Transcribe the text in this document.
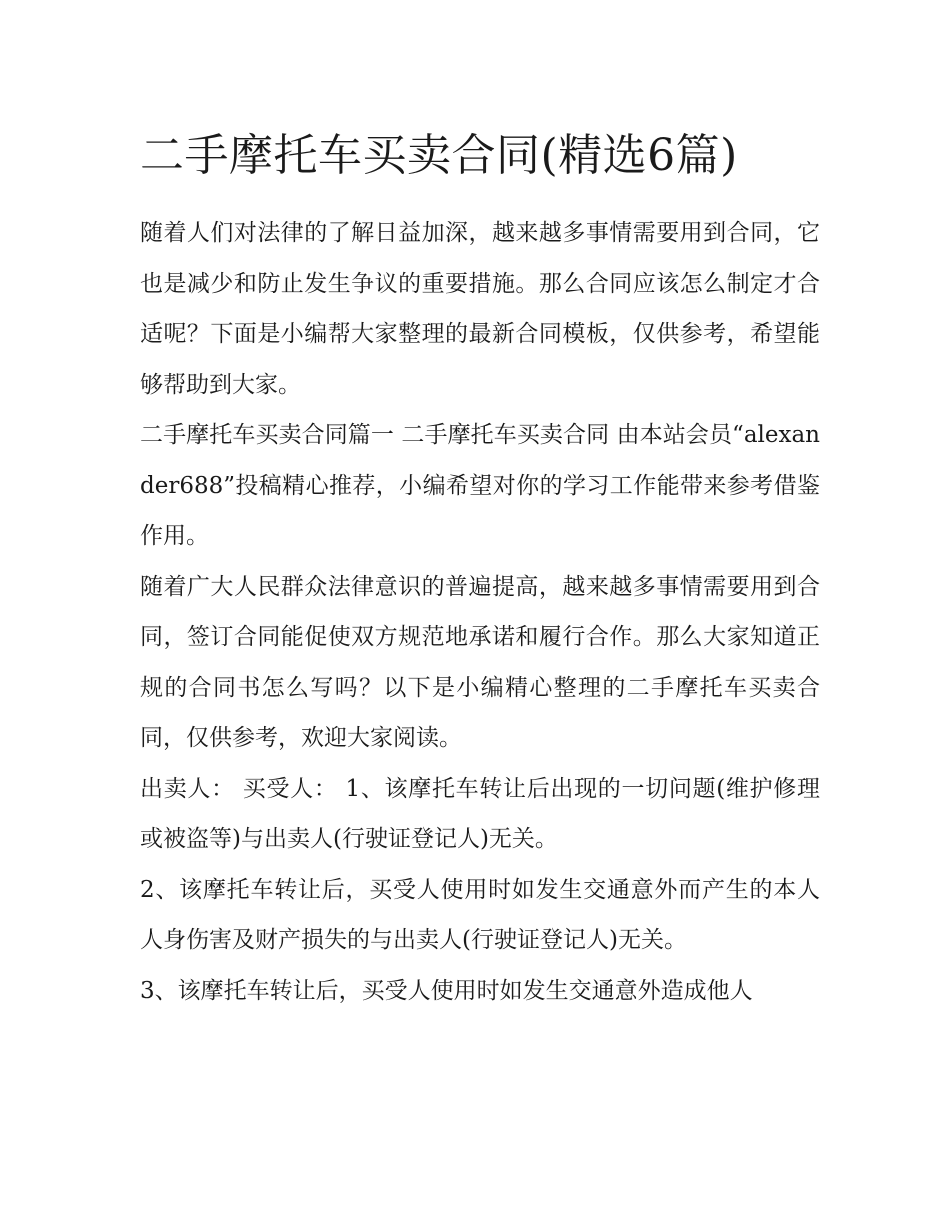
二手摩托车买卖合同(精选6篇)

随着人们对法律的了解日益加深，越来越多事情需要用到合同，它也是减少和防止发生争议的重要措施。那么合同应该怎么制定才合适呢？下面是小编帮大家整理的最新合同模板，仅供参考，希望能够帮助到大家。

二手摩托车买卖合同篇一 二手摩托车买卖合同 由本站会员“alexander688”投稿精心推荐，小编希望对你的学习工作能带来参考借鉴作用。

随着广大人民群众法律意识的普遍提高，越来越多事情需要用到合同，签订合同能促使双方规范地承诺和履行合作。那么大家知道正规的合同书怎么写吗？以下是小编精心整理的二手摩托车买卖合同，仅供参考，欢迎大家阅读。

出卖人： 买受人： 1、该摩托车转让后出现的一切问题(维护修理或被盗等)与出卖人(行驶证登记人)无关。

2、该摩托车转让后，买受人使用时如发生交通意外而产生的本人人身伤害及财产损失的与出卖人(行驶证登记人)无关。

3、该摩托车转让后，买受人使用时如发生交通意外造成他人
